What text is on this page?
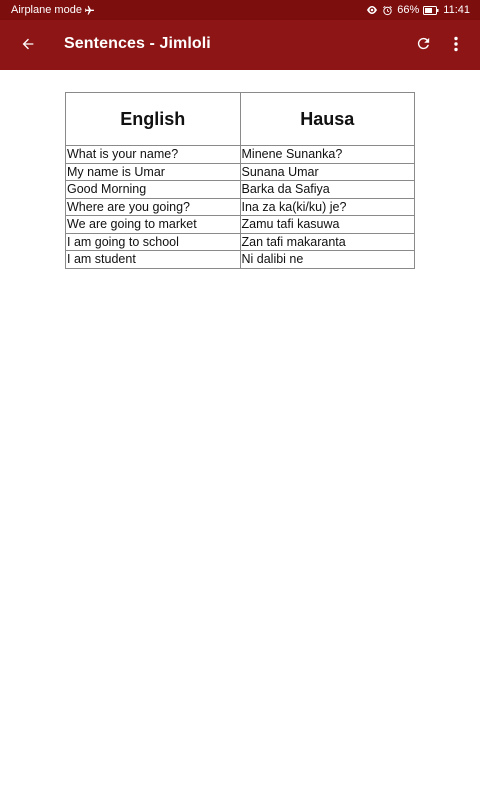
Airplane mode	66% 11:41
Sentences - Jimloli
English	Hausa
What is your name?	Minene Sunanka?
My name is Umar	Sunana Umar
Good Morning	Barka da Safiya
Where are you going?	Ina za ka(ki/ku) je?
We are going to market	Zamu tafi kasuwa
I am going to school	Zan tafi makaranta
I am student	Ni dalibi ne
